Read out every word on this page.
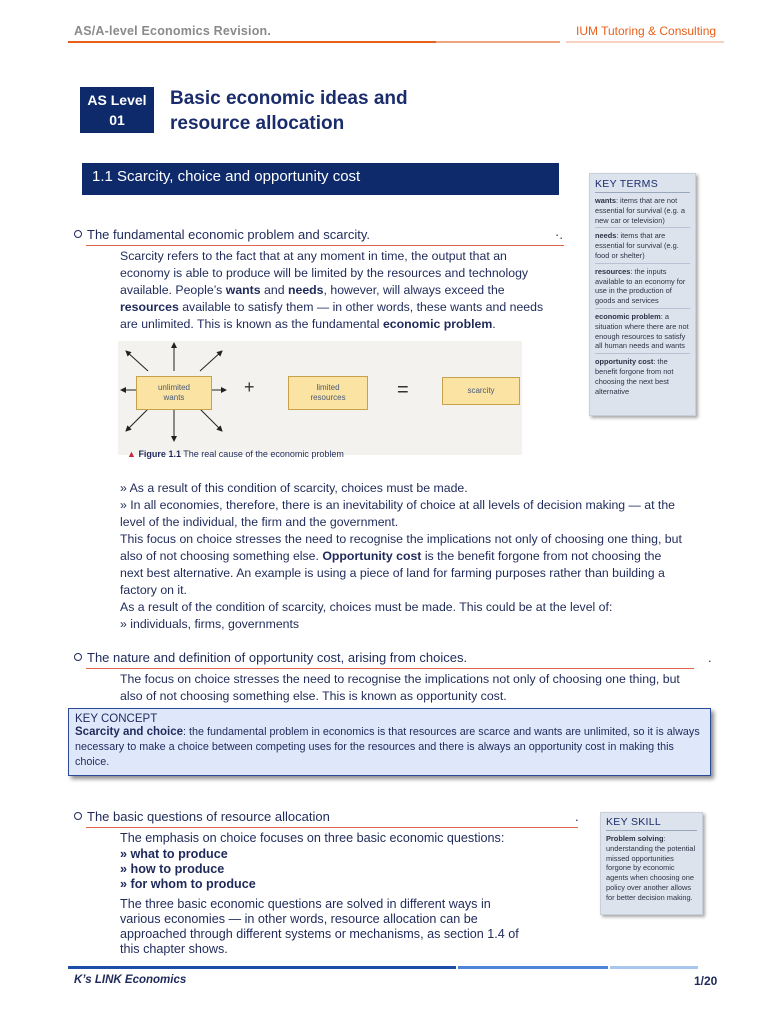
AS/A-level Economics Revision.	IUM Tutoring & Consulting
AS Level
01
Basic economic ideas and
resource allocation
1.1 Scarcity, choice and opportunity cost
The fundamental economic problem and scarcity.	·.
Scarcity refers to the fact that at any moment in time, the output that an
economy is able to produce will be limited by the resources and technology
available. People’s wants and needs, however, will always exceed the
resources available to satisfy them — in other words, these wants and needs
are unlimited. This is known as the fundamental economic problem.
unlimited
wants
+	limited
resources	=	scarcity
▲ Figure 1.1 The real cause of the economic problem
» As a result of this condition of scarcity, choices must be made.
» In all economies, therefore, there is an inevitability of choice at all levels of decision making — at the
level of the individual, the firm and the government.
This focus on choice stresses the need to recognise the implications not only of choosing one thing, but
also of not choosing something else. Opportunity cost is the benefit forgone from not choosing the
next best alternative. An example is using a piece of land for farming purposes rather than building a
factory on it.
As a result of the condition of scarcity, choices must be made. This could be at the level of:
» individuals, firms, governments
The nature and definition of opportunity cost, arising from choices.	.
The focus on choice stresses the need to recognise the implications not only of choosing one thing, but
also of not choosing something else. This is known as opportunity cost.
KEY CONCEPT
Scarcity and choice: the fundamental problem in economics is that resources are scarce and wants are unlimited, so it is always necessary to make a choice between competing uses for the resources and there is always an opportunity cost in making this choice.
The basic questions of resource allocation	.
The emphasis on choice focuses on three basic economic questions:
» what to produce
» how to produce
» for whom to produce
The three basic economic questions are solved in different ways in
various economies — in other words, resource allocation can be
approached through different systems or mechanisms, as section 1.4 of
this chapter shows.
KEY TERMS
wants: items that are not essential for survival (e.g. a new car or television)
needs: items that are essential for survival (e.g. food or shelter)
resources: the inputs available to an economy for use in the production of goods and services
economic problem: a situation where there are not enough resources to satisfy all human needs and wants
opportunity cost: the benefit forgone from not choosing the next best alternative
KEY SKILL
Problem solving: understanding the potential missed opportunities forgone by economic agents when choosing one policy over another allows for better decision making.
K’s LINK Economics	1/20
